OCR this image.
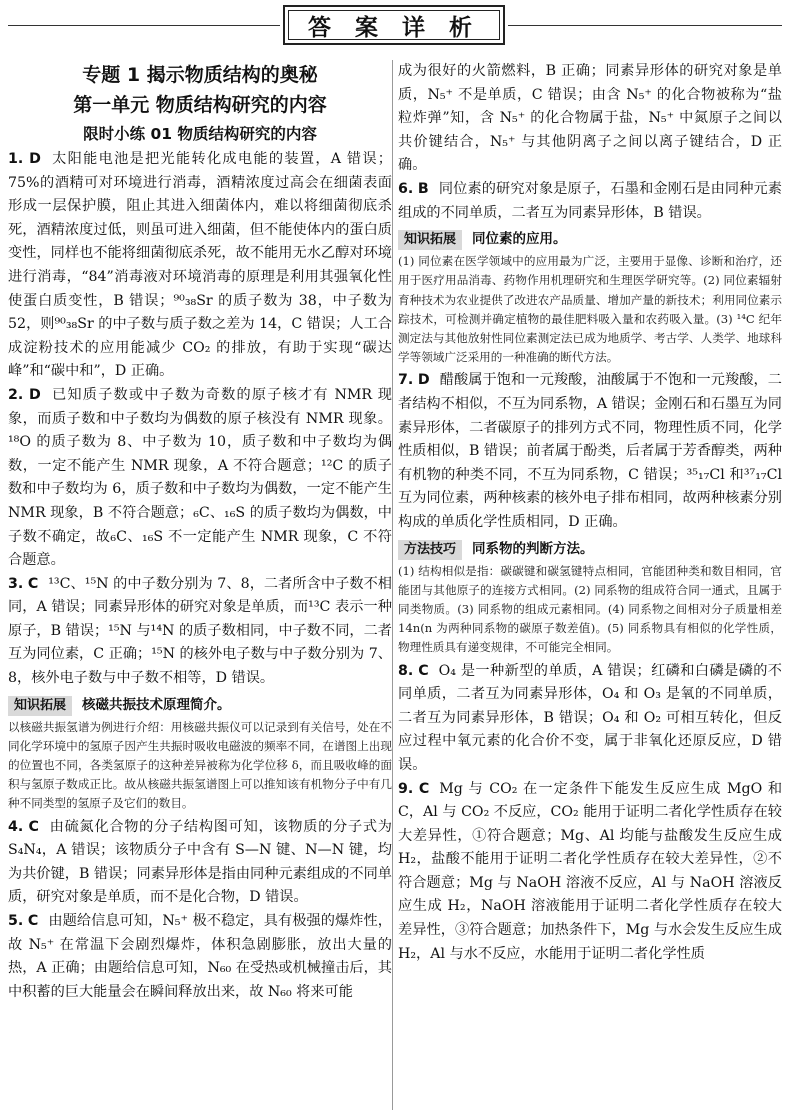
答 案 详 析
专题 1 揭示物质结构的奥秘
第一单元 物质结构研究的内容
限时小练 01 物质结构研究的内容

1. D 太阳能电池是把光能转化成电能的装置，A 错误；75%的酒精可对环境进行消毒，酒精浓度过高会在细菌表面形成一层保护膜，阻止其进入细菌体内，难以将细菌彻底杀死，酒精浓度过低，则虽可进入细菌，但不能使体内的蛋白质变性，同样也不能将细菌彻底杀死，故不能用无水乙醇对环境进行消毒，“84”消毒液对环境消毒的原理是利用其强氧化性使蛋白质变性，B 错误；⁹⁰₃₈Sr 的质子数为 38，中子数为 52，则⁹⁰₃₈Sr 的中子数与质子数之差为 14，C 错误；人工合成淀粉技术的应用能减少 CO₂ 的排放，有助于实现“碳达峰”和“碳中和”，D 正确。

2. D 已知质子数或中子数为奇数的原子核才有 NMR 现象，而质子数和中子数均为偶数的原子核没有 NMR 现象。¹⁸O 的质子数为 8、中子数为 10，质子数和中子数均为偶数，一定不能产生 NMR 现象，A 不符合题意；¹²C 的质子数和中子数均为 6，质子数和中子数均为偶数，一定不能产生 NMR 现象，B 不符合题意；₆C、₁₆S 的质子数均为偶数，中子数不确定，故₆C、₁₆S 不一定能产生 NMR 现象，C 不符合题意。

3. C ¹³C、¹⁵N 的中子数分别为 7、8，二者所含中子数不相同，A 错误；同素异形体的研究对象是单质，而¹³C 表示一种原子，B 错误；¹⁵N 与¹⁴N 的质子数相同，中子数不同，二者互为同位素，C 正确；¹⁵N 的核外电子数与中子数分别为 7、8，核外电子数与中子数不相等，D 错误。

知识拓展 核磁共振技术原理简介。

以核磁共振氢谱为例进行介绍：用核磁共振仪可以记录到有关信号，处在不同化学环境中的氢原子因产生共振时吸收电磁波的频率不同，在谱图上出现的位置也不同，各类氢原子的这种差异被称为化学位移 δ，而且吸收峰的面积与氢原子数成正比。故从核磁共振氢谱图上可以推知该有机物分子中有几种不同类型的氢原子及它们的数目。

4. C 由硫氮化合物的分子结构图可知，该物质的分子式为 S₄N₄，A 错误；该物质分子中含有 S—N 键、N—N 键，均为共价键，B 错误；同素异形体是指由同种元素组成的不同单质，研究对象是单质，而不是化合物，D 错误。

5. C 由题给信息可知，N₅⁺ 极不稳定，具有极强的爆炸性，故 N₅⁺ 在常温下会剧烈爆炸，体积急剧膨胀，放出大量的热，A 正确；由题给信息可知，N₆₀ 在受热或机械撞击后，其中积蓄的巨大能量会在瞬间释放出来，故 N₆₀ 将来可能

成为很好的火箭燃料，B 正确；同素异形体的研究对象是单质，N₅⁺ 不是单质，C 错误；由含 N₅⁺ 的化合物被称为“盐粒炸弹”知，含 N₅⁺ 的化合物属于盐，N₅⁺ 中氮原子之间以共价键结合，N₅⁺ 与其他阴离子之间以离子键结合，D 正确。

6. B 同位素的研究对象是原子，石墨和金刚石是由同种元素组成的不同单质，二者互为同素异形体，B 错误。

知识拓展 同位素的应用。

(1) 同位素在医学领域中的应用最为广泛，主要用于显像、诊断和治疗，还用于医疗用品消毒、药物作用机理研究和生理医学研究等。(2) 同位素辐射育种技术为农业提供了改进农产品质量、增加产量的新技术；利用同位素示踪技术，可检测并确定植物的最佳肥料吸入量和农药吸入量。(3) ¹⁴C 纪年测定法与其他放射性同位素测定法已成为地质学、考古学、人类学、地球科学等领域广泛采用的一种准确的断代方法。

7. D 醋酸属于饱和一元羧酸，油酸属于不饱和一元羧酸，二者结构不相似，不互为同系物，A 错误；金刚石和石墨互为同素异形体，二者碳原子的排列方式不同，物理性质不同，化学性质相似，B 错误；前者属于酚类，后者属于芳香醇类，两种有机物的种类不同，不互为同系物，C 错误；³⁵₁₇Cl 和³⁷₁₇Cl 互为同位素，两种核素的核外电子排布相同，故两种核素分别构成的单质化学性质相同，D 正确。

方法技巧 同系物的判断方法。

(1) 结构相似是指：碳碳键和碳氢键特点相同，官能团种类和数目相同，官能团与其他原子的连接方式相同。(2) 同系物的组成符合同一通式，且属于同类物质。(3) 同系物的组成元素相同。(4) 同系物之间相对分子质量相差 14n(n 为两种同系物的碳原子数差值)。(5) 同系物具有相似的化学性质，物理性质具有递变规律，不可能完全相同。

8. C O₄ 是一种新型的单质，A 错误；红磷和白磷是磷的不同单质，二者互为同素异形体，O₄ 和 O₃ 是氧的不同单质，二者互为同素异形体，B 错误；O₄ 和 O₂ 可相互转化，但反应过程中氧元素的化合价不变，属于非氧化还原反应，D 错误。

9. C Mg 与 CO₂ 在一定条件下能发生反应生成 MgO 和 C，Al 与 CO₂ 不反应，CO₂ 能用于证明二者化学性质存在较大差异性，①符合题意；Mg、Al 均能与盐酸发生反应生成 H₂，盐酸不能用于证明二者化学性质存在较大差异性，②不符合题意；Mg 与 NaOH 溶液不反应，Al 与 NaOH 溶液反应生成 H₂，NaOH 溶液能用于证明二者化学性质存在较大差异性，③符合题意；加热条件下，Mg 与水会发生反应生成 H₂，Al 与水不反应，水能用于证明二者化学性质
